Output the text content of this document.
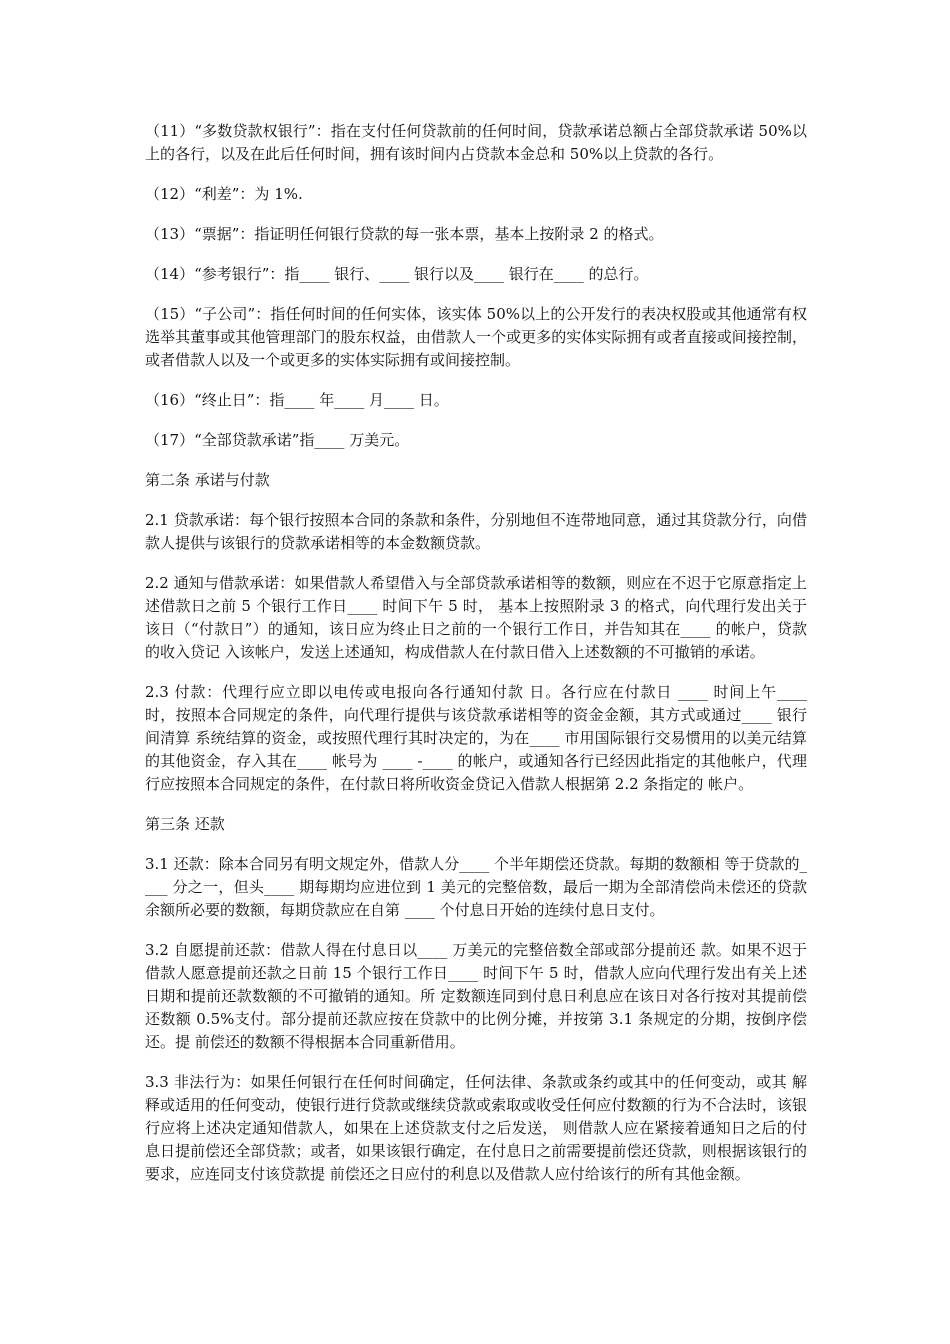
（11）“多数贷款权银行”：指在支付任何贷款前的任何时间，贷款承诺总额占全部贷款承诺 50%以上的各行，以及在此后任何时间，拥有该时间内占贷款本金总和 50%以上贷款的各行。

（12）“利差”：为 1%.

（13）“票据”：指证明任何银行贷款的每一张本票，基本上按附录 2 的格式。

（14）“参考银行”：指____ 银行、____ 银行以及____ 银行在____ 的总行。

（15）“子公司”：指任何时间的任何实体，该实体 50%以上的公开发行的表决权股或其他通常有权选举其董事或其他管理部门的股东权益，由借款人一个或更多的实体实际拥有或者直接或间接控制，或者借款人以及一个或更多的实体实际拥有或间接控制。

（16）“终止日”：指____ 年____ 月____ 日。

（17）“全部贷款承诺”指____ 万美元。

第二条 承诺与付款

2.1 贷款承诺：每个银行按照本合同的条款和条件，分别地但不连带地同意，通过其贷款分行，向借款人提供与该银行的贷款承诺相等的本金数额贷款。

2.2 通知与借款承诺：如果借款人希望借入与全部贷款承诺相等的数额，则应在不迟于它原意指定上述借款日之前 5 个银行工作日____ 时间下午 5 时， 基本上按照附录 3 的格式，向代理行发出关于该日（“付款日”）的通知，该日应为终止日之前的一个银行工作日，并告知其在____ 的帐户，贷款的收入贷记 入该帐户，发送上述通知，构成借款人在付款日借入上述数额的不可撤销的承诺。

2.3 付款：代理行应立即以电传或电报向各行通知付款 日。各行应在付款日 ____ 时间上午____ 时，按照本合同规定的条件，向代理行提供与该贷款承诺相等的资金金额，其方式或通过____ 银行间清算 系统结算的资金，或按照代理行其时决定的，为在____ 市用国际银行交易惯用的以美元结算的其他资金，存入其在____ 帐号为 ____ -____ 的帐户，或通知各行已经因此指定的其他帐户，代理行应按照本合同规定的条件，在付款日将所收资金贷记入借款人根据第 2.2 条指定的 帐户。

第三条 还款

3.1 还款：除本合同另有明文规定外，借款人分____ 个半年期偿还贷款。每期的数额相 等于贷款的____ 分之一，但头____ 期每期均应进位到 1 美元的完整倍数，最后一期为全部清偿尚未偿还的贷款余额所必要的数额，每期贷款应在自第 ____ 个付息日开始的连续付息日支付。

3.2 自愿提前还款：借款人得在付息日以____ 万美元的完整倍数全部或部分提前还 款。如果不迟于借款人愿意提前还款之日前 15 个银行工作日____ 时间下午 5 时，借款人应向代理行发出有关上述日期和提前还款数额的不可撤销的通知。所 定数额连同到付息日利息应在该日对各行按对其提前偿还数额 0.5%支付。部分提前还款应按在贷款中的比例分摊，并按第 3.1 条规定的分期，按倒序偿还。提 前偿还的数额不得根据本合同重新借用。

3.3 非法行为：如果任何银行在任何时间确定，任何法律、条款或条约或其中的任何变动，或其 解释或适用的任何变动，使银行进行贷款或继续贷款或索取或收受任何应付数额的行为不合法时，该银行应将上述决定通知借款人，如果在上述贷款支付之后发送， 则借款人应在紧接着通知日之后的付息日提前偿还全部贷款；或者，如果该银行确定，在付息日之前需要提前偿还贷款，则根据该银行的要求，应连同支付该贷款提 前偿还之日应付的利息以及借款人应付给该行的所有其他金额。
